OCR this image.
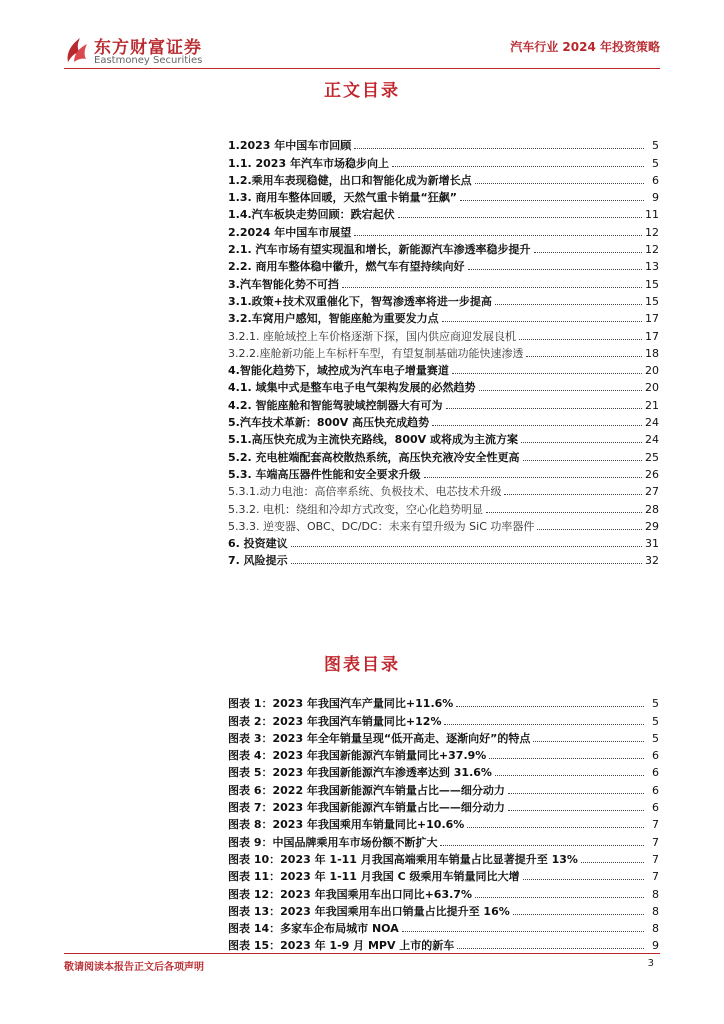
东方财富证券
Eastmoney Securities
汽车行业 2024 年投资策略
正文目录
1.2023 年中国车市回顾	5
1.1. 2023 年汽车市场稳步向上	5
1.2.乘用车表现稳健，出口和智能化成为新增长点	6
1.3. 商用车整体回暖，天然气重卡销量“狂飙”	9
1.4.汽车板块走势回顾：跌宕起伏	11
2.2024 年中国车市展望	12
2.1. 汽车市场有望实现温和增长，新能源汽车渗透率稳步提升	12
2.2. 商用车整体稳中徽升，燃气车有望持续向好	13
3.汽车智能化势不可挡	15
3.1.政策+技术双重催化下，智驾渗透率将进一步提高	15
3.2.车窝用户感知，智能座舱为重要发力点	17
3.2.1. 座舱域控上车价格逐渐下探，国内供应商迎发展良机	17
3.2.2.座舱新功能上车标杆车型，有望复制基础功能快速渗透	18
4.智能化趋势下，域控成为汽车电子增量赛道	20
4.1. 域集中式是整车电子电气架构发展的必然趋势	20
4.2. 智能座舱和智能驾驶域控制器大有可为	21
5.汽车技术革新：800V 高压快充成趋势	24
5.1.高压快充成为主流快充路线，800V 或将成为主流方案	24
5.2. 充电桩端配套高校散热系统，高压快充液冷安全性更高	25
5.3. 车端高压器件性能和安全要求升级	26
5.3.1.动力电池：高倍率系统、负极技术、电芯技术升级	27
5.3.2. 电机：绕组和冷却方式改变，空心化趋势明显	28
5.3.3. 逆变器、OBC、DC/DC：未来有望升级为 SiC 功率器件	29
6. 投资建议	31
7. 风险提示	32
图表目录
图表 1：2023 年我国汽车产量同比+11.6%	5
图表 2：2023 年我国汽车销量同比+12%	5
图表 3：2023 年全年销量呈现“低开高走、逐渐向好”的特点	5
图表 4：2023 年我国新能源汽车销量同比+37.9%	6
图表 5：2023 年我国新能源汽车渗透率达到 31.6%	6
图表 6：2022 年我国新能源汽车销量占比——细分动力	6
图表 7：2023 年我国新能源汽车销量占比——细分动力	6
图表 8：2023 年我国乘用车销量同比+10.6%	7
图表 9：中国品牌乘用车市场份额不断扩大	7
图表 10：2023 年 1-11 月我国高端乘用车销量占比显著提升至 13%	7
图表 11：2023 年 1-11 月我国 C 级乘用车销量同比大增	7
图表 12：2023 年我国乘用车出口同比+63.7%	8
图表 13：2023 年我国乘用车出口销量占比提升至 16%	8
图表 14：多家车企布局城市 NOA	8
图表 15：2023 年 1-9 月 MPV 上市的新车	9
敬请阅读本报告正文后各项声明	3
